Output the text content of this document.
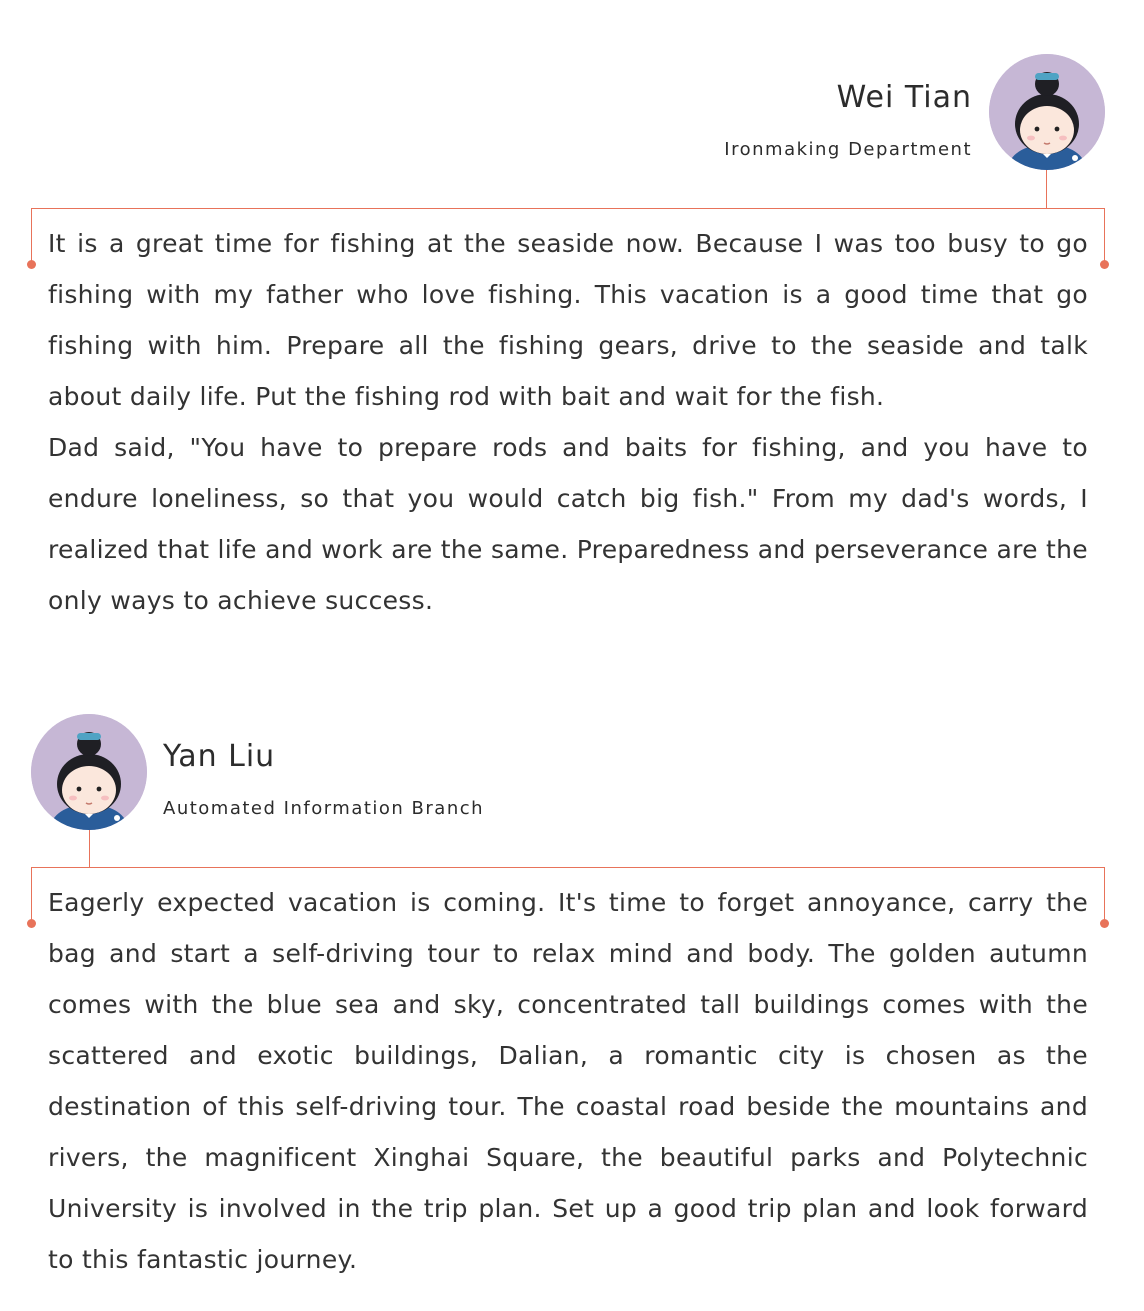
Wei Tian
Ironmaking Department

It is a great time for fishing at the seaside now. Because I was too busy to go fishing with my father who love fishing. This vacation is a good time that go fishing with him. Prepare all the fishing gears, drive to the seaside and talk about daily life. Put the fishing rod with bait and wait for the fish.

Dad said, "You have to prepare rods and baits for fishing, and you have to endure loneliness, so that you would catch big fish." From my dad's words, I realized that life and work are the same. Preparedness and perseverance are the only ways to achieve success.

Yan Liu
Automated Information Branch

Eagerly expected vacation is coming. It's time to forget annoyance, carry the bag and start a self-driving tour to relax mind and body. The golden autumn comes with the blue sea and sky, concentrated tall buildings comes with the scattered and exotic buildings, Dalian, a romantic city is chosen as the destination of this self-driving tour. The coastal road beside the mountains and rivers, the magnificent Xinghai Square, the beautiful parks and Polytechnic University is involved in the trip plan. Set up a good trip plan and look forward to this fantastic journey.
